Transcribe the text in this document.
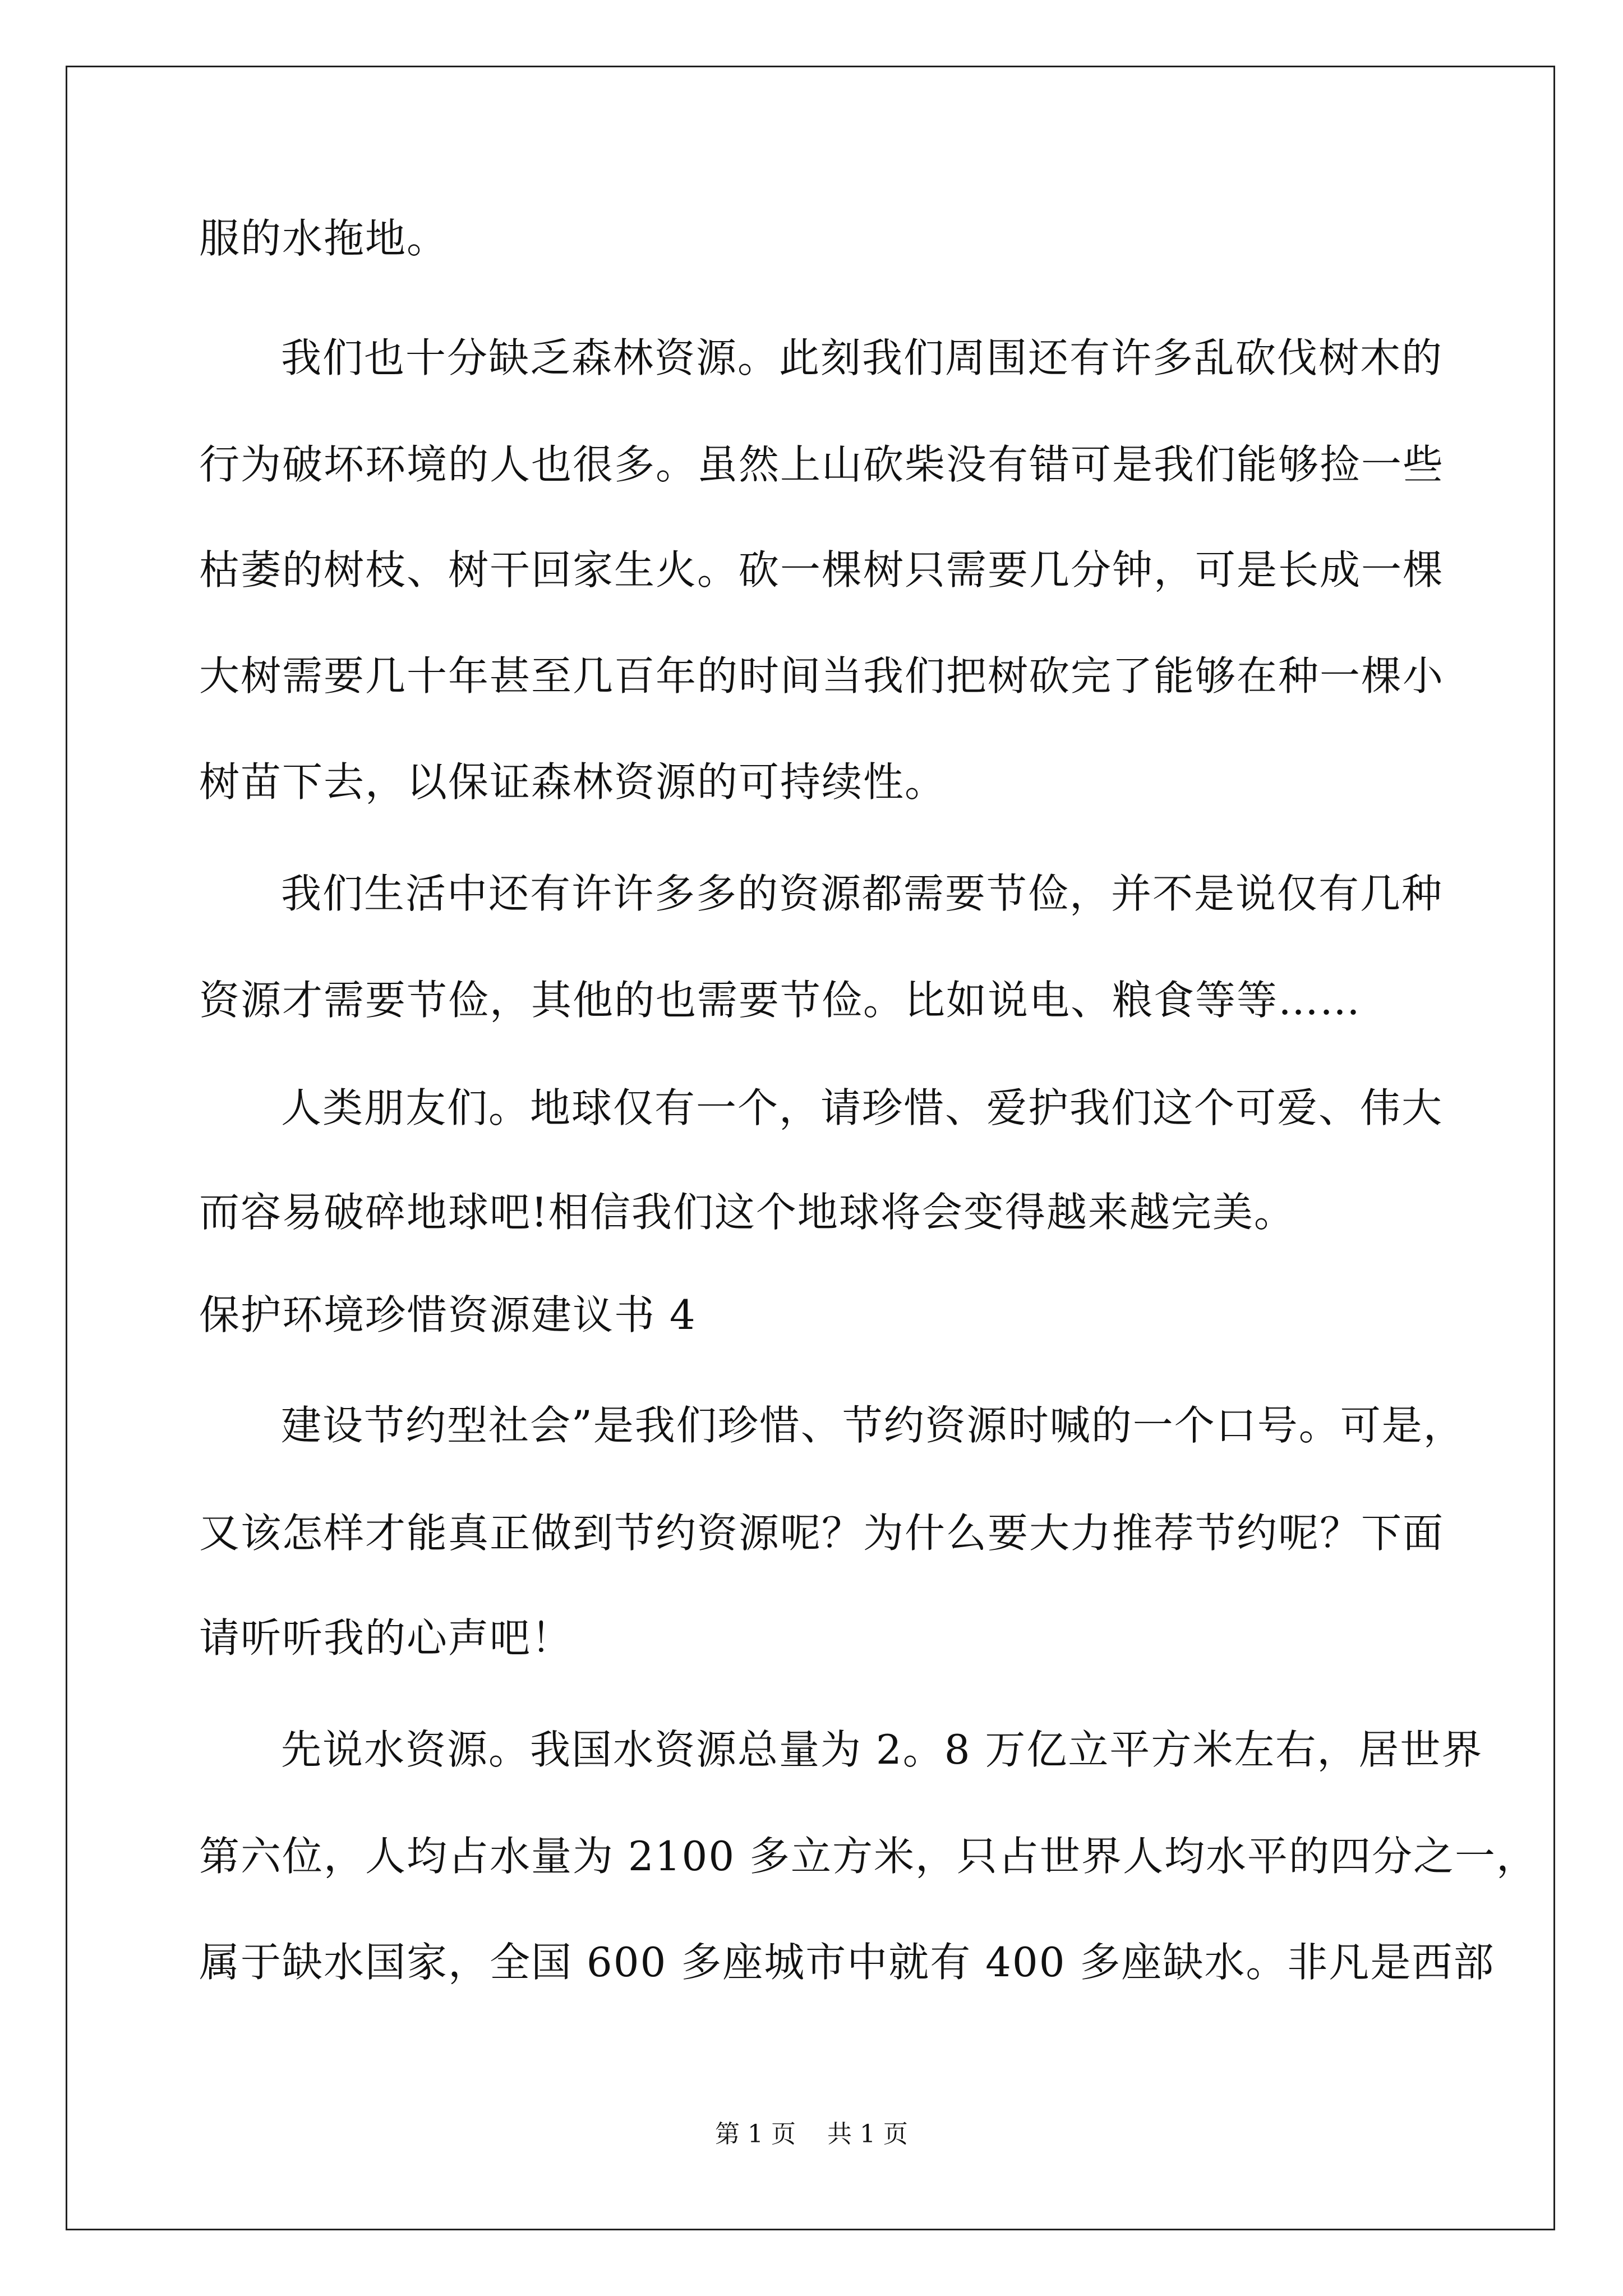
服的水拖地。
我们也十分缺乏森林资源。此刻我们周围还有许多乱砍伐树木的
行为破坏环境的人也很多。虽然上山砍柴没有错可是我们能够捡一些
枯萎的树枝、树干回家生火。砍一棵树只需要几分钟，可是长成一棵
大树需要几十年甚至几百年的时间当我们把树砍完了能够在种一棵小
树苗下去，以保证森林资源的可持续性。
我们生活中还有许许多多的资源都需要节俭，并不是说仅有几种
资源才需要节俭，其他的也需要节俭。比如说电、粮食等等……
人类朋友们。地球仅有一个，请珍惜、爱护我们这个可爱、伟大
而容易破碎地球吧!相信我们这个地球将会变得越来越完美。
保护环境珍惜资源建议书 4
建设节约型社会”是我们珍惜、节约资源时喊的一个口号。可是，
又该怎样才能真正做到节约资源呢？为什么要大力推荐节约呢？下面
请听听我的心声吧！
先说水资源。我国水资源总量为 2。8 万亿立平方米左右，居世界
第六位，人均占水量为 2100 多立方米，只占世界人均水平的四分之一，
属于缺水国家，全国 600 多座城市中就有 400 多座缺水。非凡是西部
第 1 页    共 1 页
